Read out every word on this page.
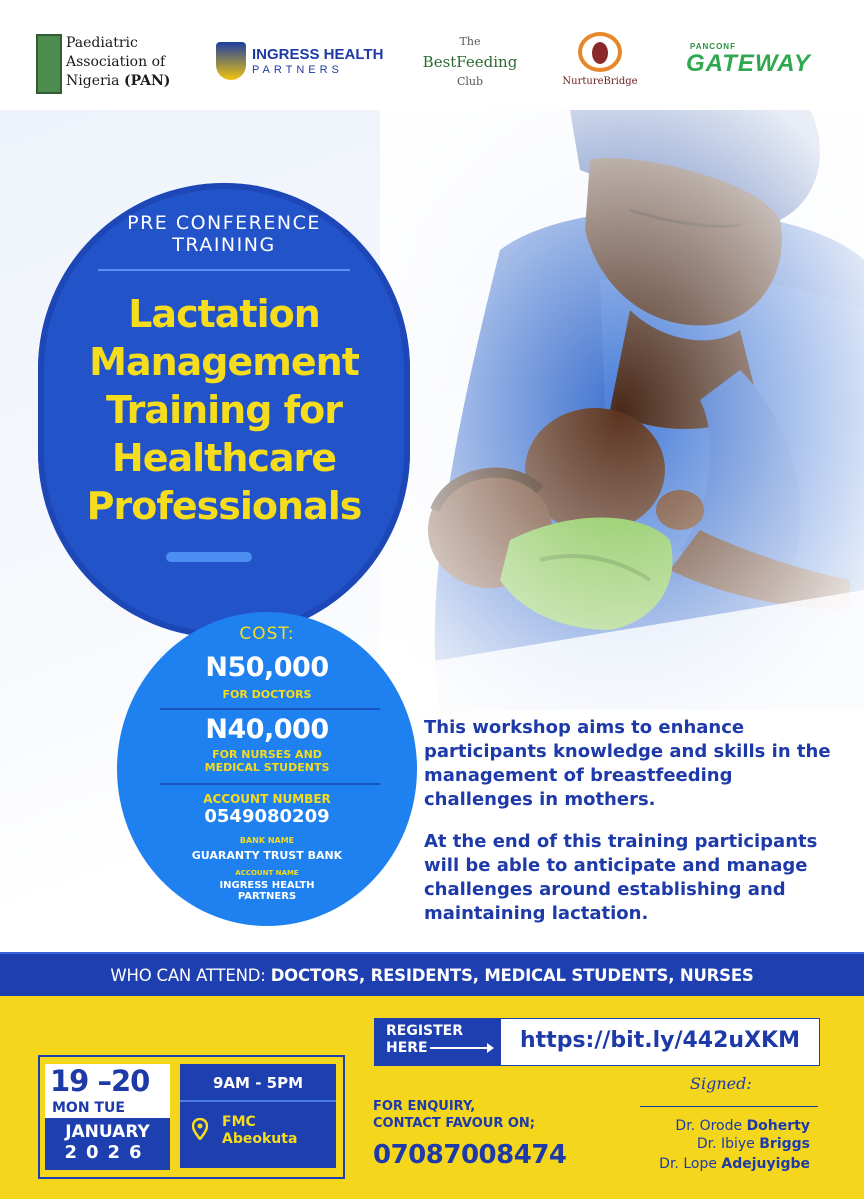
Paediatric
Association of
Nigeria (PAN)
INGRESS HEALTH
PARTNERS
The
BestFeeding
Club	NurtureBridge
PANCONF
GATEWAY
PRE CONFERENCE
TRAINING
Lactation
Management
Training for
Healthcare
Professionals
COST:
N50,000
FOR DOCTORS
N40,000
FOR NURSES AND
MEDICAL STUDENTS
ACCOUNT NUMBER
0549080209
BANK NAME
GUARANTY TRUST BANK
ACCOUNT NAME
INGRESS HEALTH
PARTNERS
This workshop aims to enhance participants knowledge and skills in the management of breastfeeding challenges in mothers.
At the end of this training participants will be able to anticipate and manage challenges around establishing and maintaining lactation.
WHO CAN ATTEND: DOCTORS, RESIDENTS, MEDICAL STUDENTS, NURSES
REGISTER
HERE	https://bit.ly/442uXKM
19 –20
MON TUE
JANUARY
2026
9AM - 5PM
FMC
Abeokuta
FOR ENQUIRY,
CONTACT FAVOUR ON;
07087008474
Signed:
Dr. Orode Doherty
Dr. Ibiye Briggs
Dr. Lope Adejuyigbe
